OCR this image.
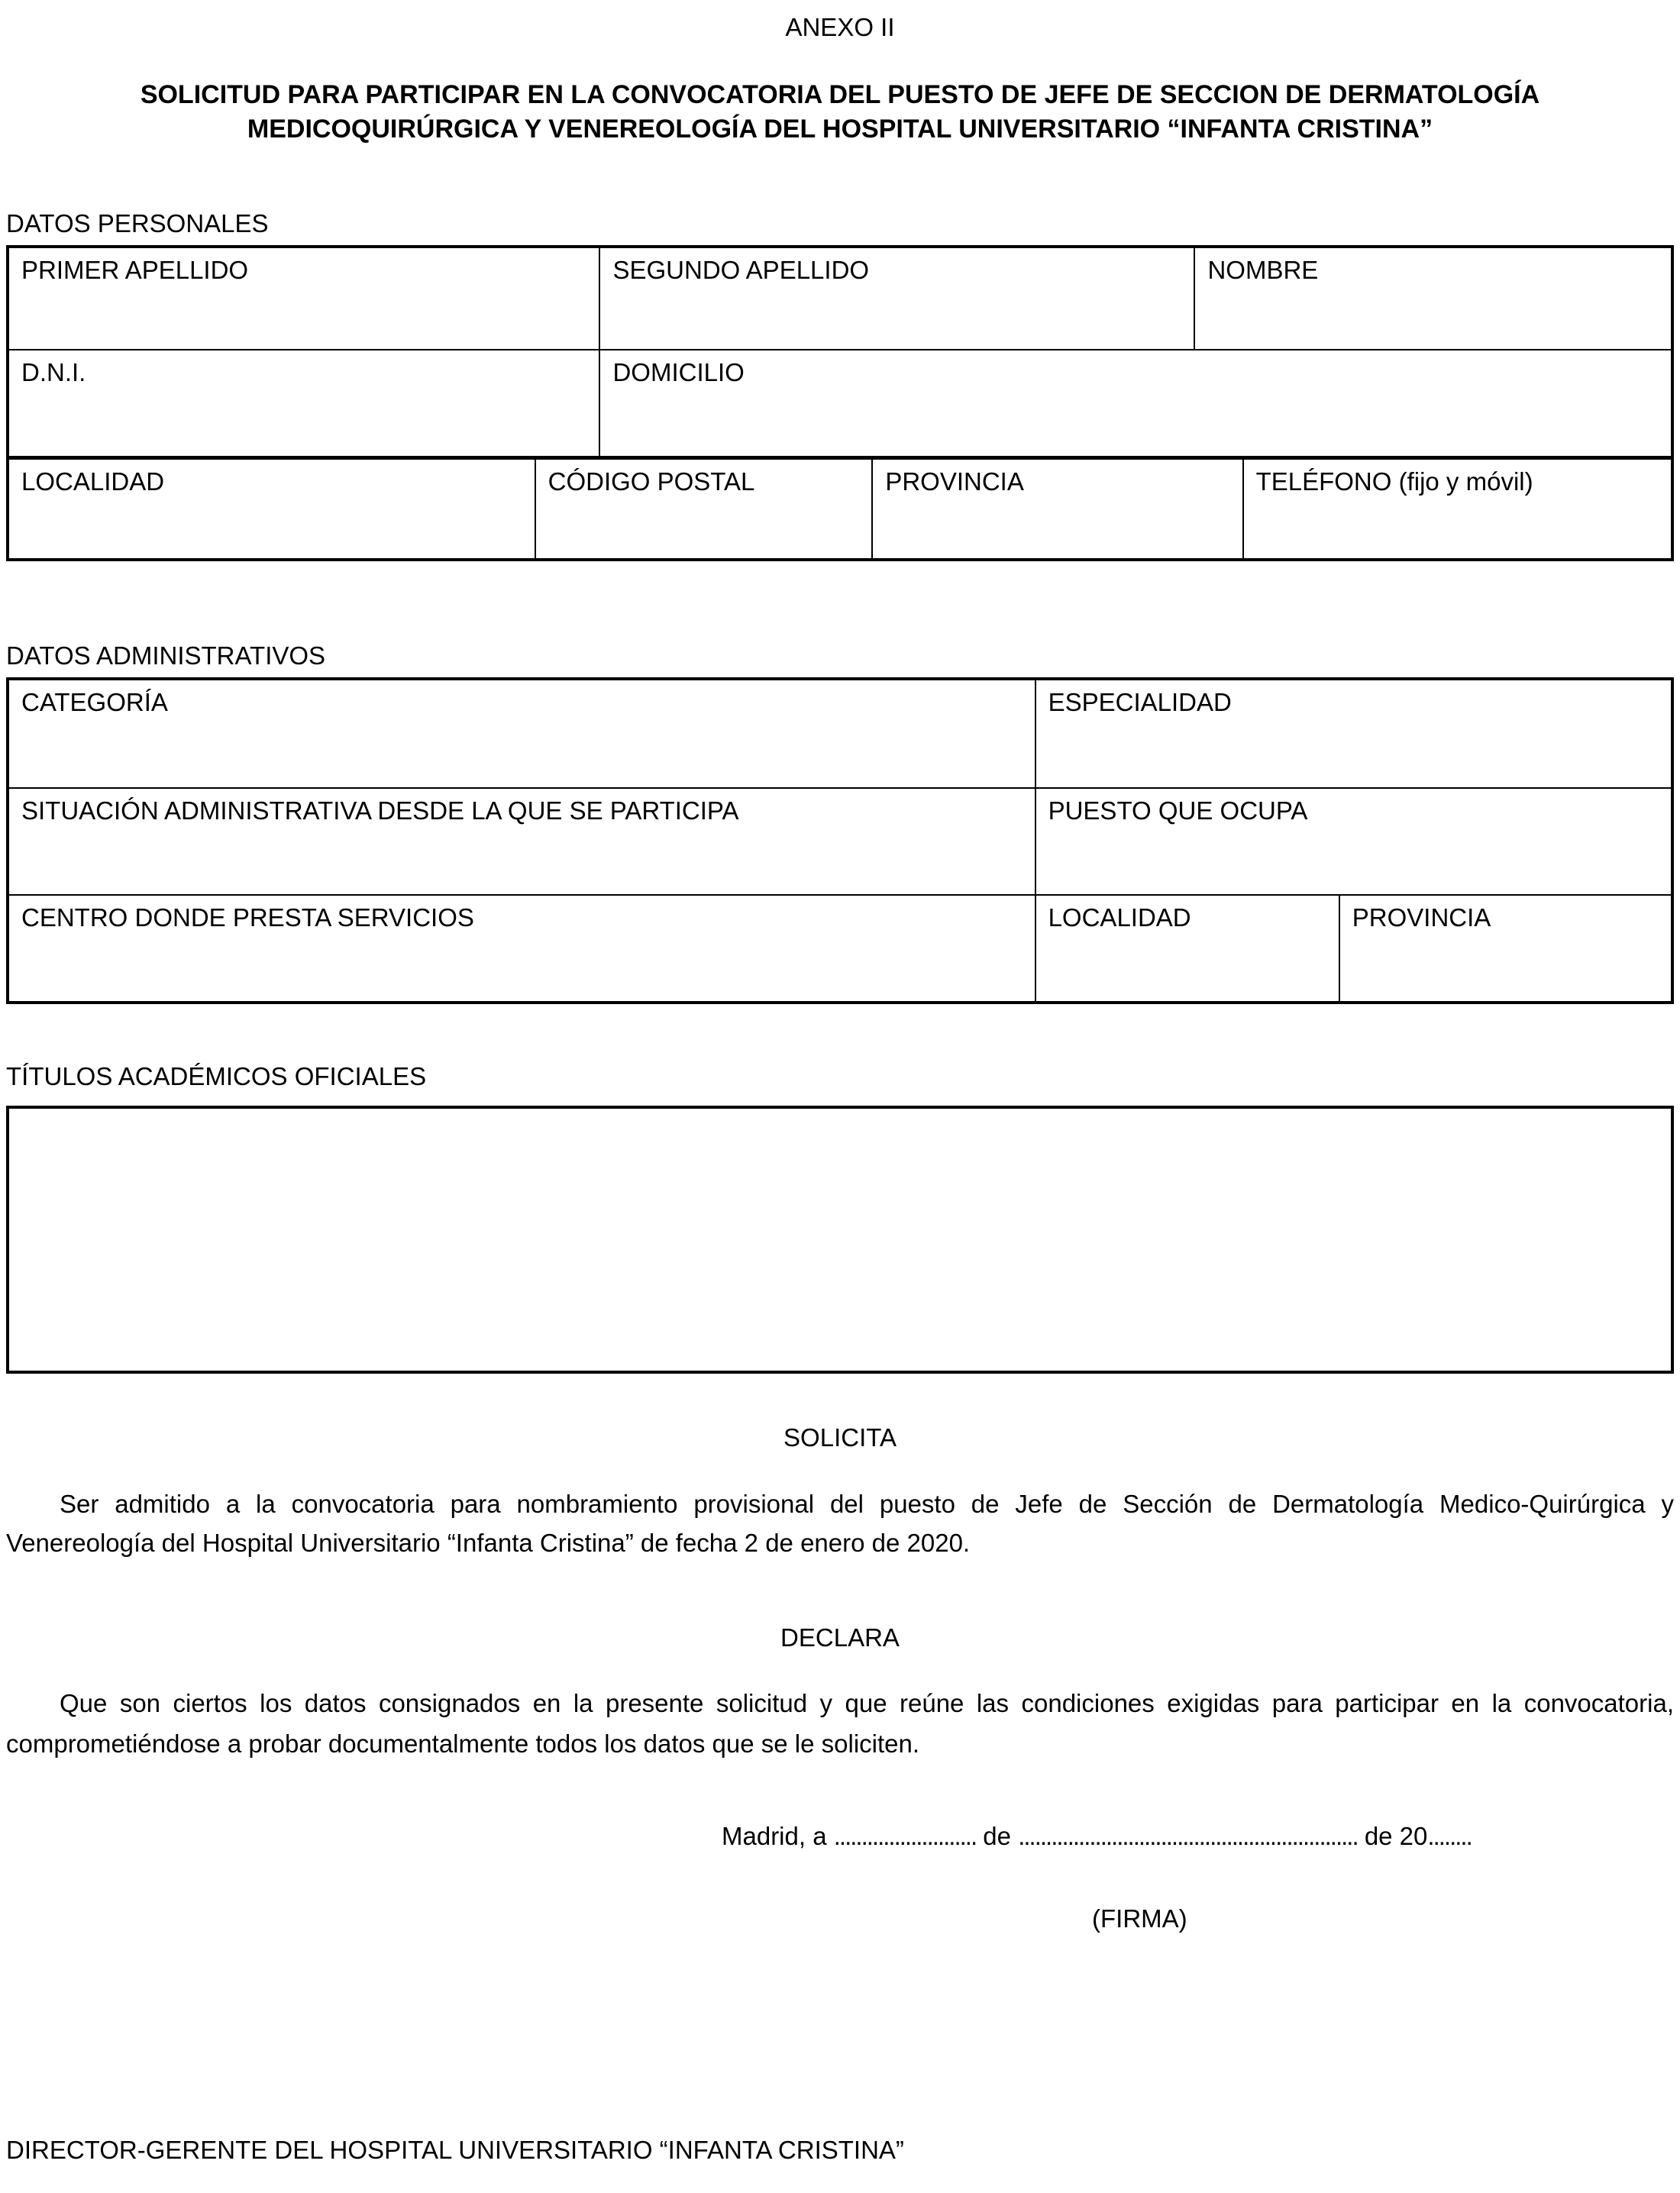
ANEXO II
SOLICITUD PARA PARTICIPAR EN LA CONVOCATORIA DEL PUESTO DE JEFE DE SECCION DE DERMATOLOGÍA MEDICOQUIRÚRGICA Y VENEREOLOGÍA DEL HOSPITAL UNIVERSITARIO “INFANTA CRISTINA”
DATOS PERSONALES
PRIMER APELLIDO	SEGUNDO APELLIDO	NOMBRE
D.N.I.	DOMICILIO
LOCALIDAD	CÓDIGO POSTAL	PROVINCIA	TELÉFONO (fijo y móvil)
DATOS ADMINISTRATIVOS
CATEGORÍA	ESPECIALIDAD
SITUACIÓN ADMINISTRATIVA DESDE LA QUE SE PARTICIPA	PUESTO QUE OCUPA
CENTRO DONDE PRESTA SERVICIOS	LOCALIDAD	PROVINCIA
TÍTULOS ACADÉMICOS OFICIALES
SOLICITA
Ser admitido a la convocatoria para nombramiento provisional del puesto de Jefe de Sección de Dermatología Medico-Quirúrgica y Venereología del Hospital Universitario “Infanta Cristina” de fecha 2 de enero de 2020.
DECLARA
Que son ciertos los datos consignados en la presente solicitud y que reúne las condiciones exigidas para participar en la convocatoria, comprometiéndose a probar documentalmente todos los datos que se le soliciten.
Madrid, a .......................... de .............................................................. de 20........
(FIRMA)
DIRECTOR-GERENTE DEL HOSPITAL UNIVERSITARIO “INFANTA CRISTINA”
